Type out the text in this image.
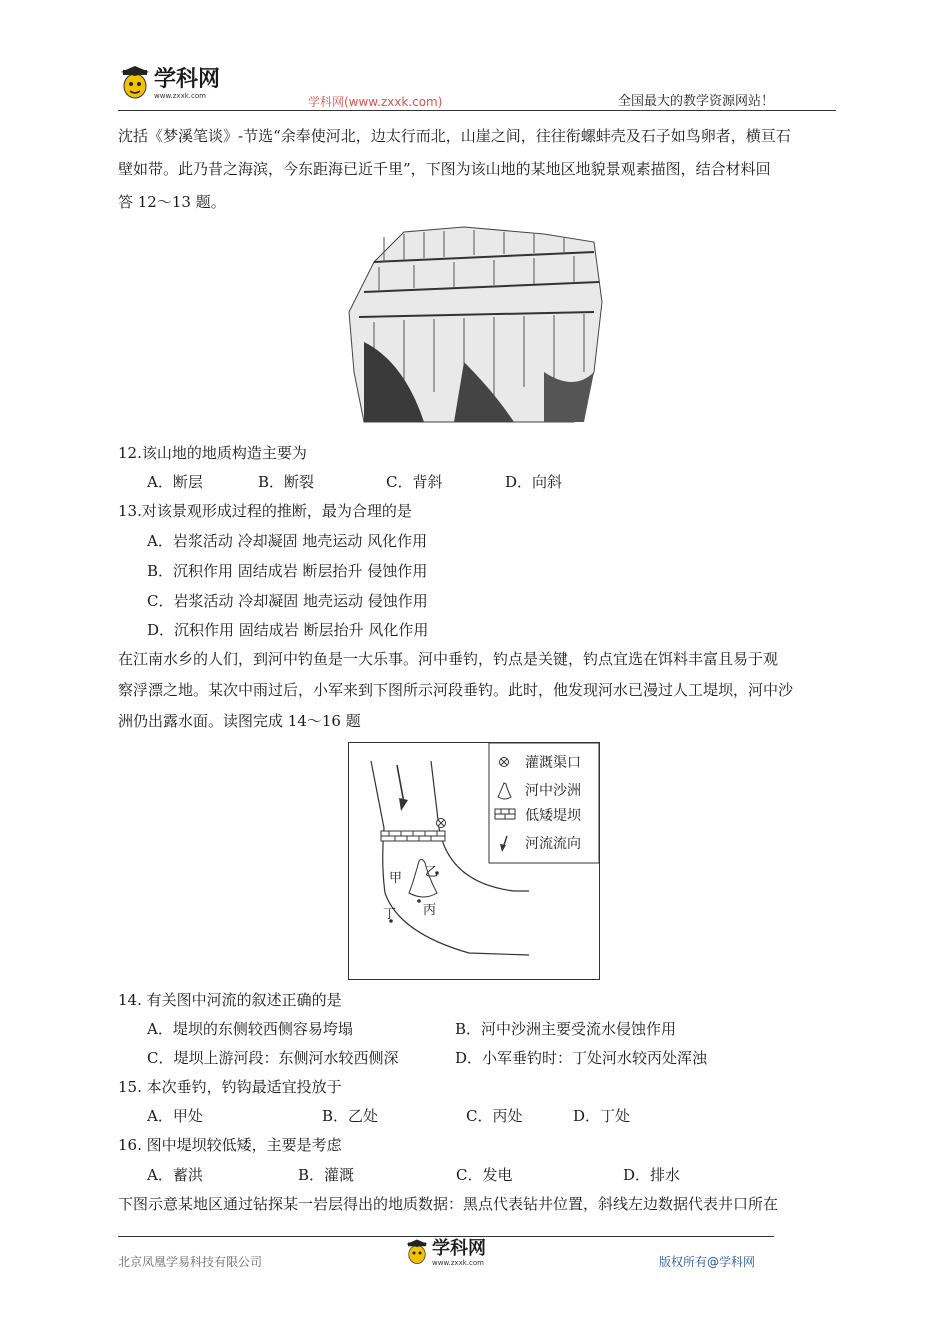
学科网
www.zxxk.com	学科网(www.zxxk.com)	全国最大的教学资源网站！
沈括《梦溪笔谈》-节选“余奉使河北，边太行而北，山崖之间，往往衔螺蚌壳及石子如鸟卵者，横亘石
壁如带。此乃昔之海滨，今东距海已近千里”，下图为该山地的某地区地貌景观素描图，结合材料回
答 12～13 题。
12.该山地的地质构造主要为
A．断层	B．断裂	C．背斜	D．向斜
13.对该景观形成过程的推断，最为合理的是
A．岩浆活动 冷却凝固 地壳运动 风化作用
B．沉积作用 固结成岩 断层抬升 侵蚀作用
C．岩浆活动 冷却凝固 地壳运动 侵蚀作用
D．沉积作用 固结成岩 断层抬升 风化作用
在江南水乡的人们，到河中钓鱼是一大乐事。河中垂钓，钓点是关键，钓点宜选在饵料丰富且易于观
察浮漂之地。某次中雨过后，小军来到下图所示河段垂钓。此时，他发现河水已漫过人工堤坝，河中沙
洲仍出露水面。读图完成 14～16 题
灌溉渠口
河中沙洲
低矮堤坝
河流流向
甲 乙
丙
丁
14. 有关图中河流的叙述正确的是
A．堤坝的东侧较西侧容易垮塌	B．河中沙洲主要受流水侵蚀作用
C．堤坝上游河段：东侧河水较西侧深	D．小军垂钓时：丁处河水较丙处浑浊
15. 本次垂钓，钓钩最适宜投放于
A．甲处	B．乙处	C．丙处	D．丁处
16. 图中堤坝较低矮，主要是考虑
A．蓄洪	B．灌溉	C．发电	D．排水
下图示意某地区通过钻探某一岩层得出的地质数据：黑点代表钻井位置，斜线左边数据代表井口所在
北京凤凰学易科技有限公司
学科网
www.zxxk.com	版权所有@学科网
